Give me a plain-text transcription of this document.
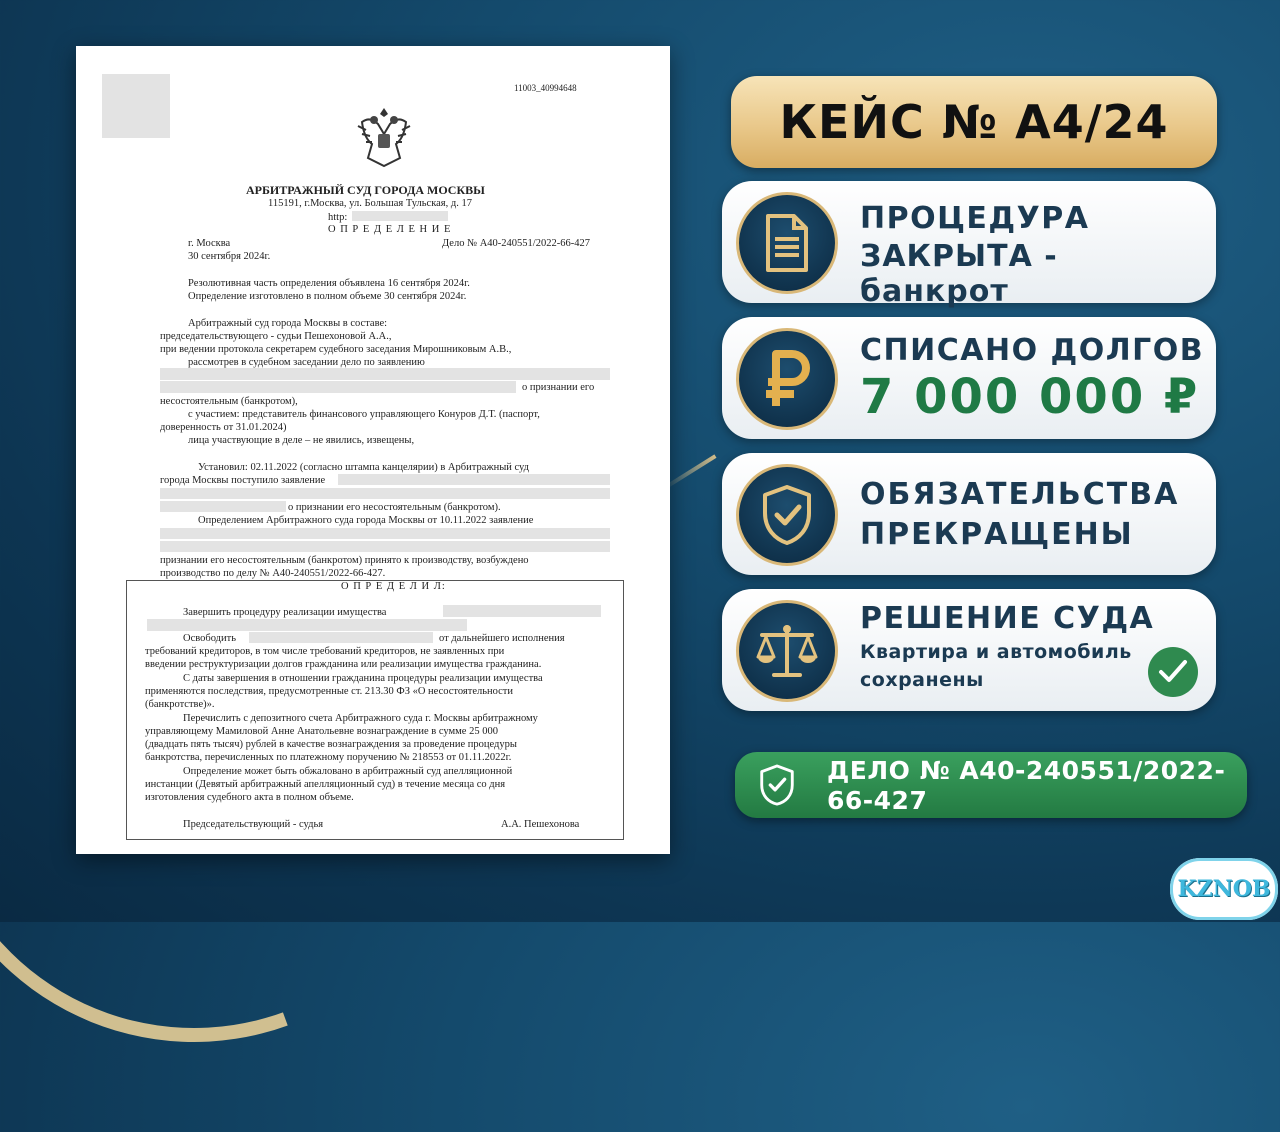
11003_40994648
АРБИТРАЖНЫЙ СУД ГОРОДА МОСКВЫ
115191, г.Москва, ул. Большая Тульская, д. 17
http:
О П Р Е Д Е Л Е Н И Е
г. Москва	Дело № А40-240551/2022-66-427
30 сентября 2024г.
Резолютивная часть определения объявлена 16 сентября 2024г.
Определение изготовлено в полном объеме 30 сентября 2024г.
Арбитражный суд города Москвы в составе:
председательствующего - судьи Пешехоновой А.А.,
при ведении протокола секретарем судебного заседания Мирошниковым А.В.,
рассмотрев в судебном заседании дело по заявлению
о признании его
несостоятельным (банкротом),
с участием: представитель финансового управляющего Конуров Д.Т. (паспорт,
доверенность от 31.01.2024)
лица участвующие в деле – не явились, извещены,
Установил: 02.11.2022 (согласно штампа канцелярии) в Арбитражный суд
города Москвы поступило заявление
о признании его несостоятельным (банкротом).
Определением Арбитражного суда города Москвы от 10.11.2022 заявление
признании его несостоятельным (банкротом) принято к производству, возбуждено
производство по делу № А40-240551/2022-66-427.
О П Р Е Д Е Л И Л:
Завершить процедуру реализации имущества
Освободить	от дальнейшего исполнения
требований кредиторов, в том числе требований кредиторов, не заявленных при
введении реструктуризации долгов гражданина или реализации имущества гражданина.
С даты завершения в отношении гражданина процедуры реализации имущества
применяются последствия, предусмотренные ст. 213.30 ФЗ «О несостоятельности
(банкротстве)».
Перечислить с депозитного счета Арбитражного суда г. Москвы арбитражному
управляющему Мамиловой Анне Анатольевне вознаграждение в сумме 25 000
(двадцать пять тысяч) рублей в качестве вознаграждения за проведение процедуры
банкротства, перечисленных по платежному поручению № 218553 от 01.11.2022г.
Определение может быть обжаловано в арбитражный суд апелляционной
инстанции (Девятый арбитражный апелляционный суд) в течение месяца со дня
изготовления судебного акта в полном объеме.
Председательствующий - судья	А.А. Пешехонова
КЕЙС № А4/24
ПРОЦЕДУРА
ЗАКРЫТА - банкрот
СПИСАНО ДОЛГОВ
7 000 000 ₽
ОБЯЗАТЕЛЬСТВА
ПРЕКРАЩЕНЫ
РЕШЕНИЕ СУДА
Квартира и автомобиль
сохранены
ДЕЛО № А40-240551/2022-66-427
KZNOB
